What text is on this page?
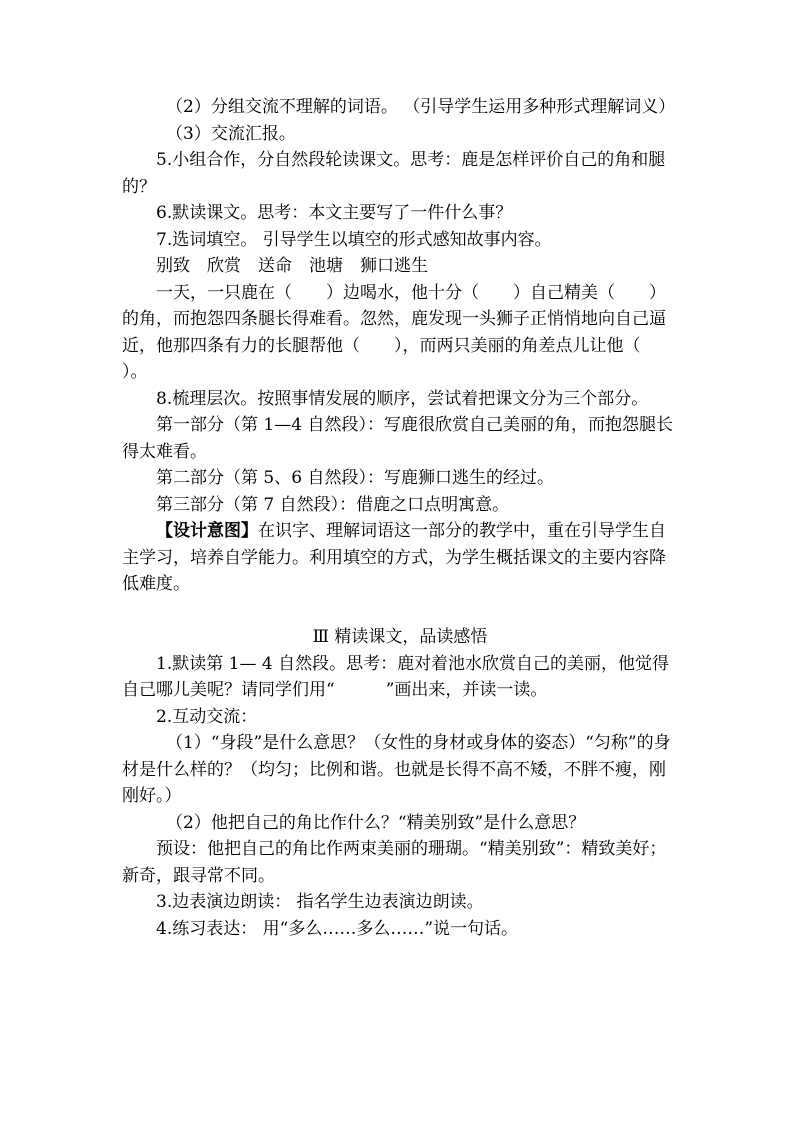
（2）分组交流不理解的词语。 （引导学生运用多种形式理解词义）

（3）交流汇报。

5.小组合作，分自然段轮读课文。思考：鹿是怎样评价自己的角和腿的？

6.默读课文。思考：本文主要写了一件什么事？

7.选词填空。 引导学生以填空的形式感知故事内容。

别致　欣赏　送命　池塘　狮口逃生

一天，一只鹿在（　　）边喝水，他十分（　　）自己精美（　　）的角，而抱怨四条腿长得难看。忽然，鹿发现一头狮子正悄悄地向自己逼近，他那四条有力的长腿帮他（　　），而两只美丽的角差点儿让他（　　）。

8.梳理层次。按照事情发展的顺序，尝试着把课文分为三个部分。

第一部分（第 1—4 自然段）：写鹿很欣赏自己美丽的角，而抱怨腿长得太难看。

第二部分（第 5、6 自然段）：写鹿狮口逃生的经过。

第三部分（第 7 自然段）：借鹿之口点明寓意。

【设计意图】在识字、理解词语这一部分的教学中，重在引导学生自主学习，培养自学能力。利用填空的方式，为学生概括课文的主要内容降低难度。

Ⅲ 精读课文，品读感悟

1.默读第 1— 4 自然段。思考：鹿对着池水欣赏自己的美丽，他觉得自己哪儿美呢？请同学们用“　　　”画出来，并读一读。

2.互动交流：

（1）“身段”是什么意思？（女性的身材或身体的姿态）“匀称”的身材是什么样的？（均匀；比例和谐。也就是长得不高不矮，不胖不瘦，刚刚好。）

（2）他把自己的角比作什么？“精美别致”是什么意思？

预设：他把自己的角比作两束美丽的珊瑚。“精美别致”：精致美好；新奇，跟寻常不同。

3.边表演边朗读： 指名学生边表演边朗读。

4.练习表达： 用“多么……多么……”说一句话。
